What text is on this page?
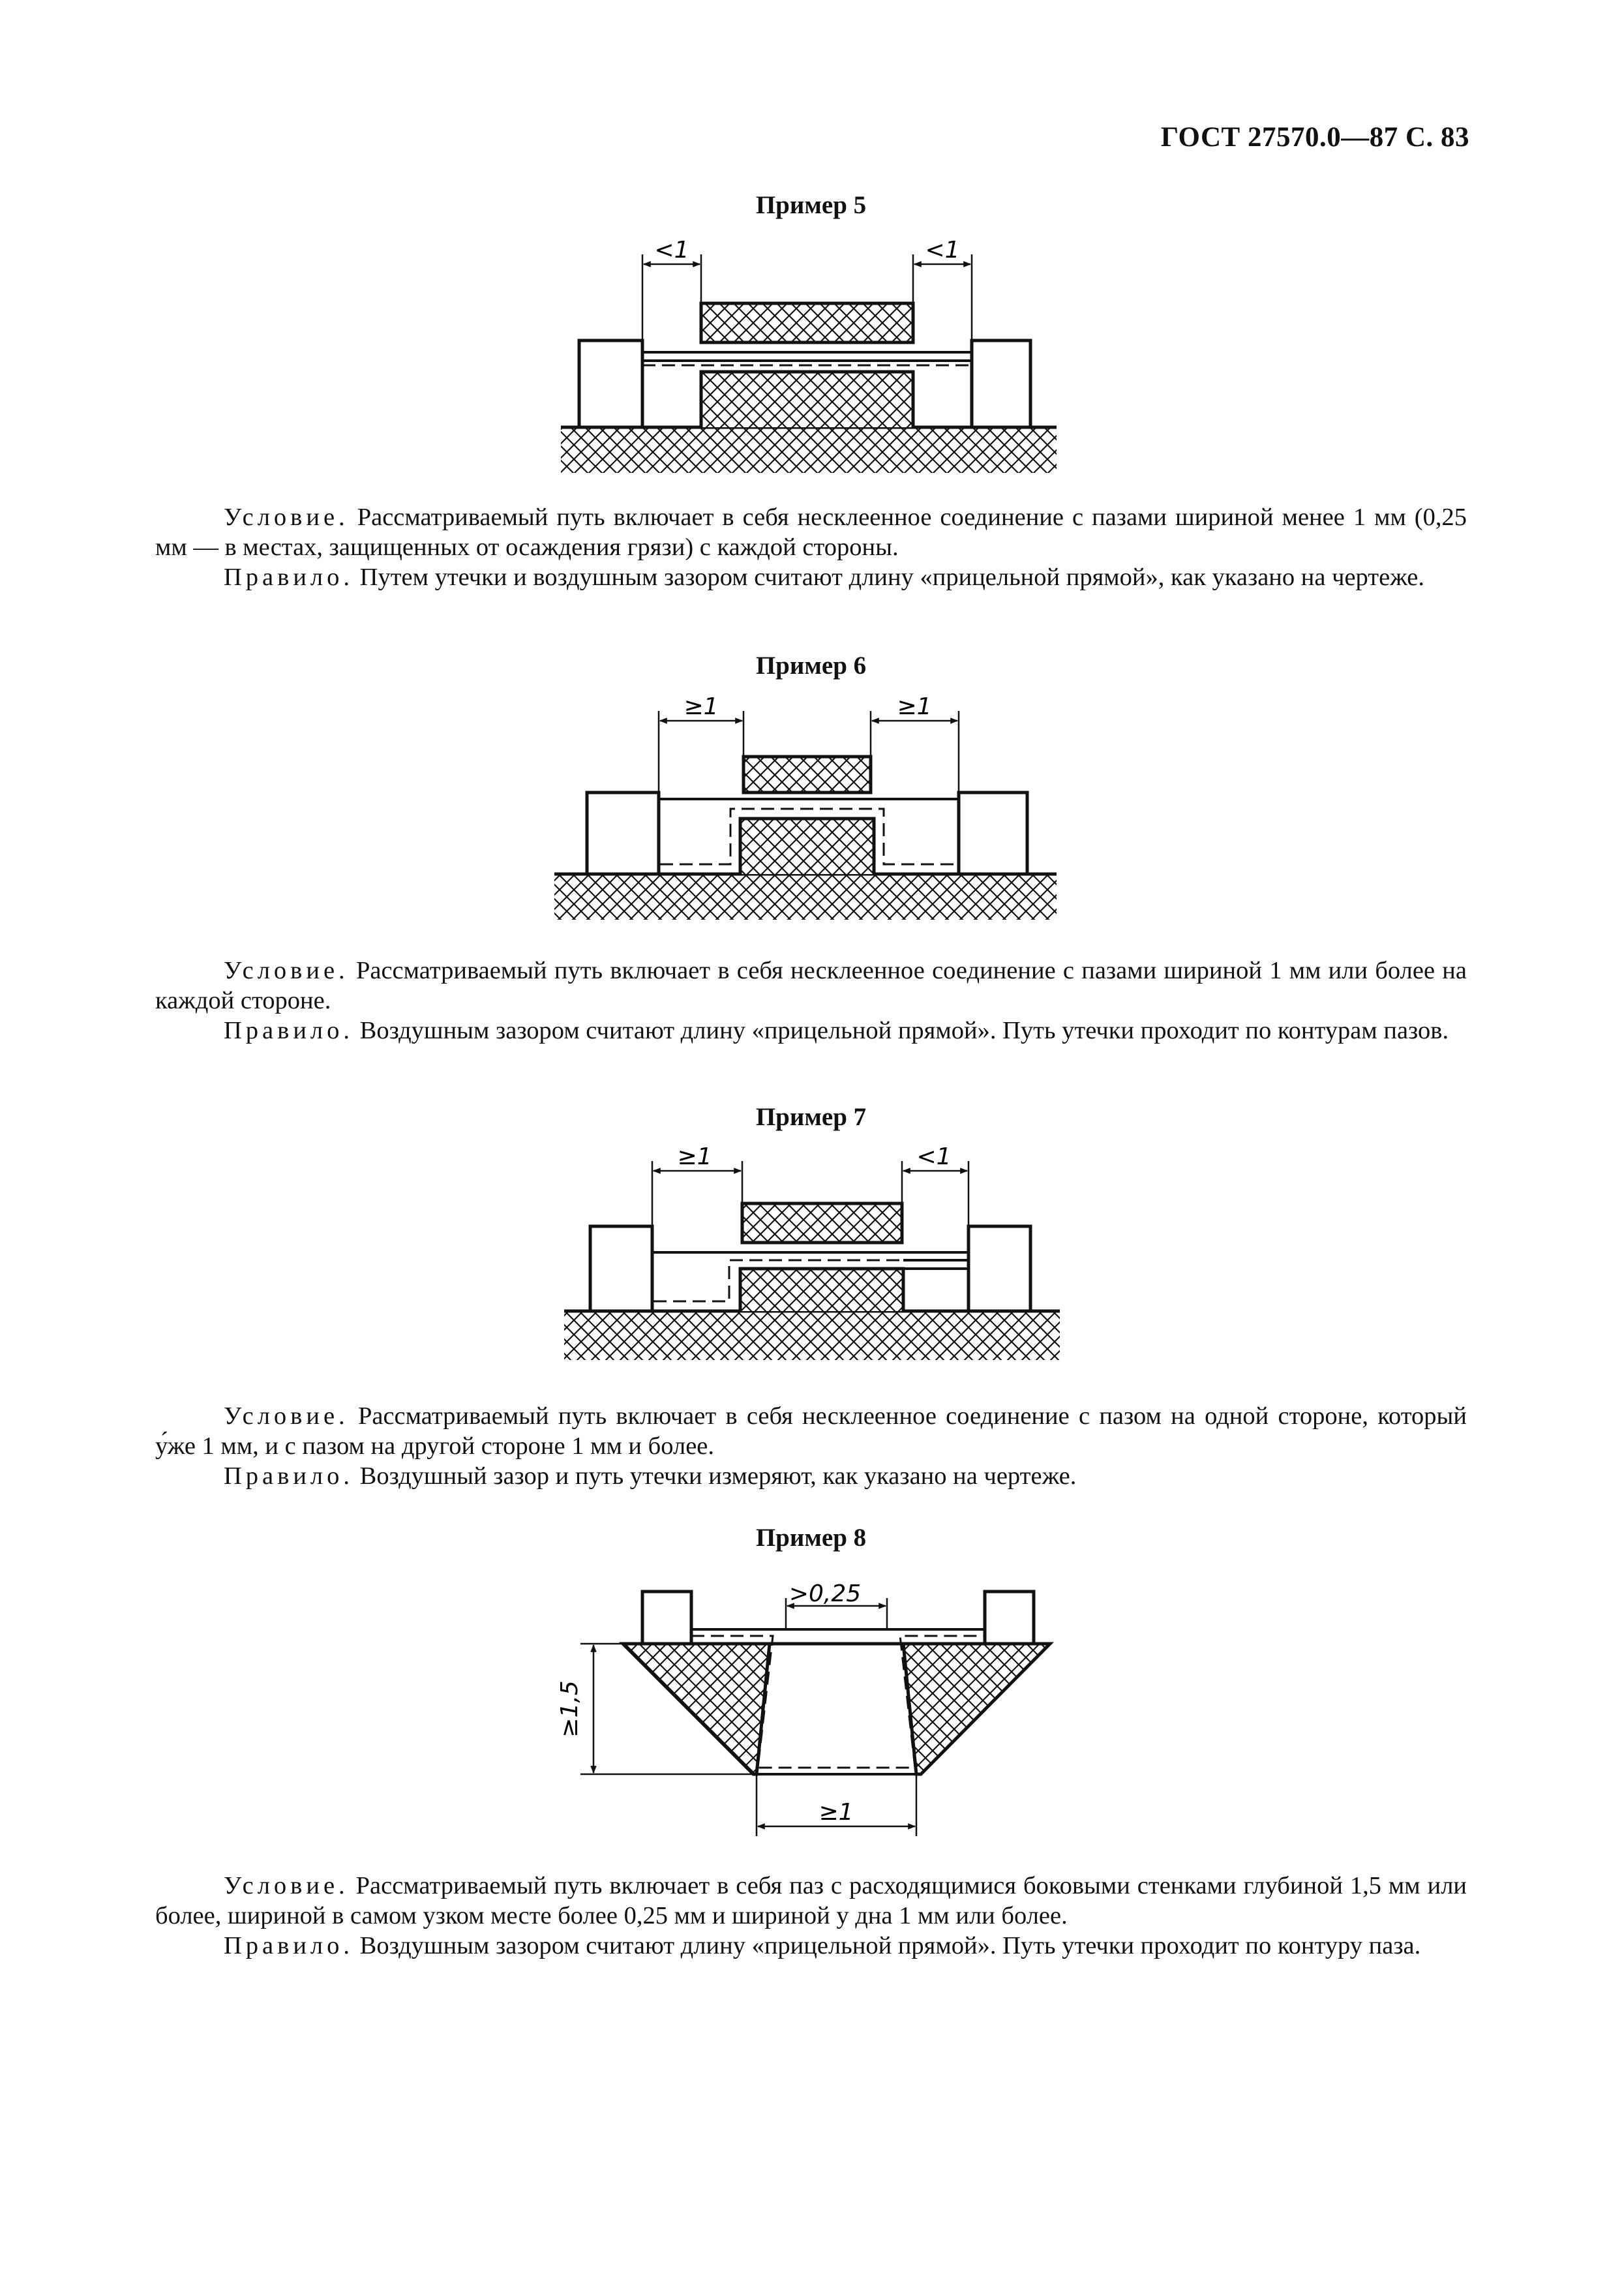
ГОСТ 27570.0—87 С. 83
<1	<1
≥1	≥1
≥1	<1
>0,25
≥1,5
≥1
Пример 5

Условие. Рассматриваемый путь включает в себя несклеенное соединение с пазами шириной менее 1 мм (0,25 мм — в местах, защищенных от осаждения грязи) с каждой стороны.

Правило. Путем утечки и воздушным зазором считают длину «прицельной прямой», как указано на чертеже.

Пример 6

Условие. Рассматриваемый путь включает в себя несклеенное соединение с пазами шириной 1 мм или более на каждой стороне.

Правило. Воздушным зазором считают длину «прицельной прямой». Путь утечки проходит по контурам пазов.

Пример 7

Условие. Рассматриваемый путь включает в себя несклеенное соединение с пазом на одной стороне, который у́же 1 мм, и с пазом на другой стороне 1 мм и более.

Правило. Воздушный зазор и путь утечки измеряют, как указано на чертеже.

Пример 8

Условие. Рассматриваемый путь включает в себя паз с расходящимися боковыми стенками глубиной 1,5 мм или более, шириной в самом узком месте более 0,25 мм и шириной у дна 1 мм или более.

Правило. Воздушным зазором считают длину «прицельной прямой». Путь утечки проходит по контуру паза.
